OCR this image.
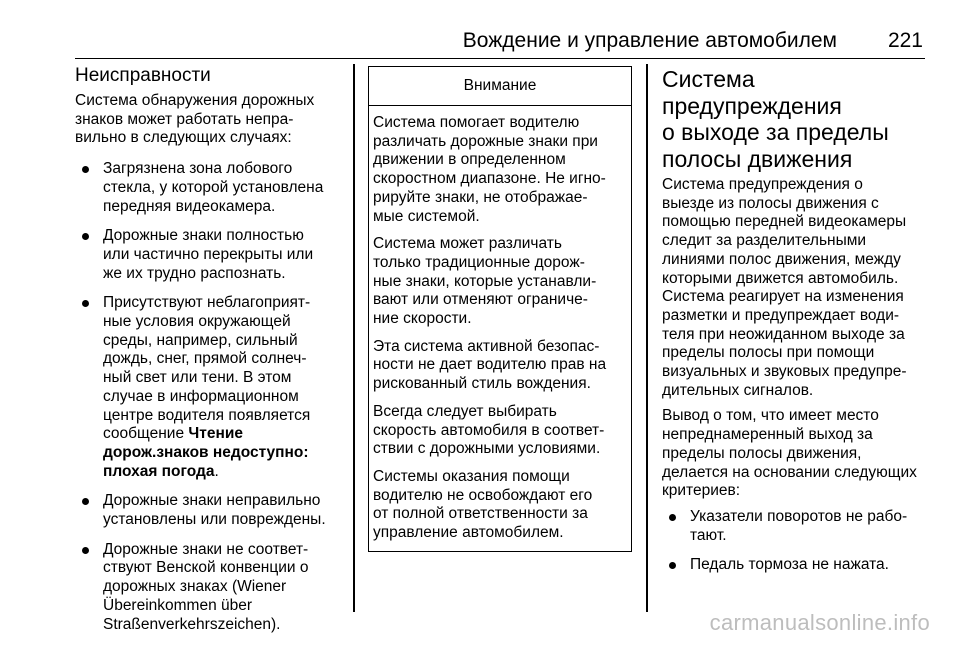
Вождение и управление автомобилем 221
Неисправности
Система обнаружения дорожных
знаков может работать непра-
вильно в следующих случаях:
Загрязнена зона лобового
стекла, у которой установлена
передняя видеокамера.
Дорожные знаки полностью
или частично перекрыты или
же их трудно распознать.
Присутствуют неблагоприят-
ные условия окружающей
среды, например, сильный
дождь, снег, прямой солнеч-
ный свет или тени. В этом
случае в информационном
центре водителя появляется
сообщение Чтение
дорож.знаков недоступно:
плохая погода.
Дорожные знаки неправильно
установлены или повреждены.
Дорожные знаки не соответ-
ствуют Венской конвенции о
дорожных знаках (Wiener
Übereinkommen über
Straßenverkehrszeichen).
Внимание
Система помогает водителю
различать дорожные знаки при
движении в определенном
скоростном диапазоне. Не игно-
рируйте знаки, не отображае-
мые системой.
Система может различать
только традиционные дорож-
ные знаки, которые устанавли-
вают или отменяют ограниче-
ние скорости.
Эта система активной безопас-
ности не дает водителю прав на
рискованный стиль вождения.
Всегда следует выбирать
скорость автомобиля в соответ-
ствии с дорожными условиями.
Системы оказания помощи
водителю не освобождают его
от полной ответственности за
управление автомобилем.
Система предупреждения
о выходе за пределы
полосы движения
Система предупреждения о
выезде из полосы движения с
помощью передней видеокамеры
следит за разделительными
линиями полос движения, между
которыми движется автомобиль.
Система реагирует на изменения
разметки и предупреждает води-
теля при неожиданном выходе за
пределы полосы при помощи
визуальных и звуковых предупре-
дительных сигналов.
Вывод о том, что имеет место
непреднамеренный выход за
пределы полосы движения,
делается на основании следующих
критериев:
Указатели поворотов не рабо-
тают.
Педаль тормоза не нажата.
carmanualsonline.info
